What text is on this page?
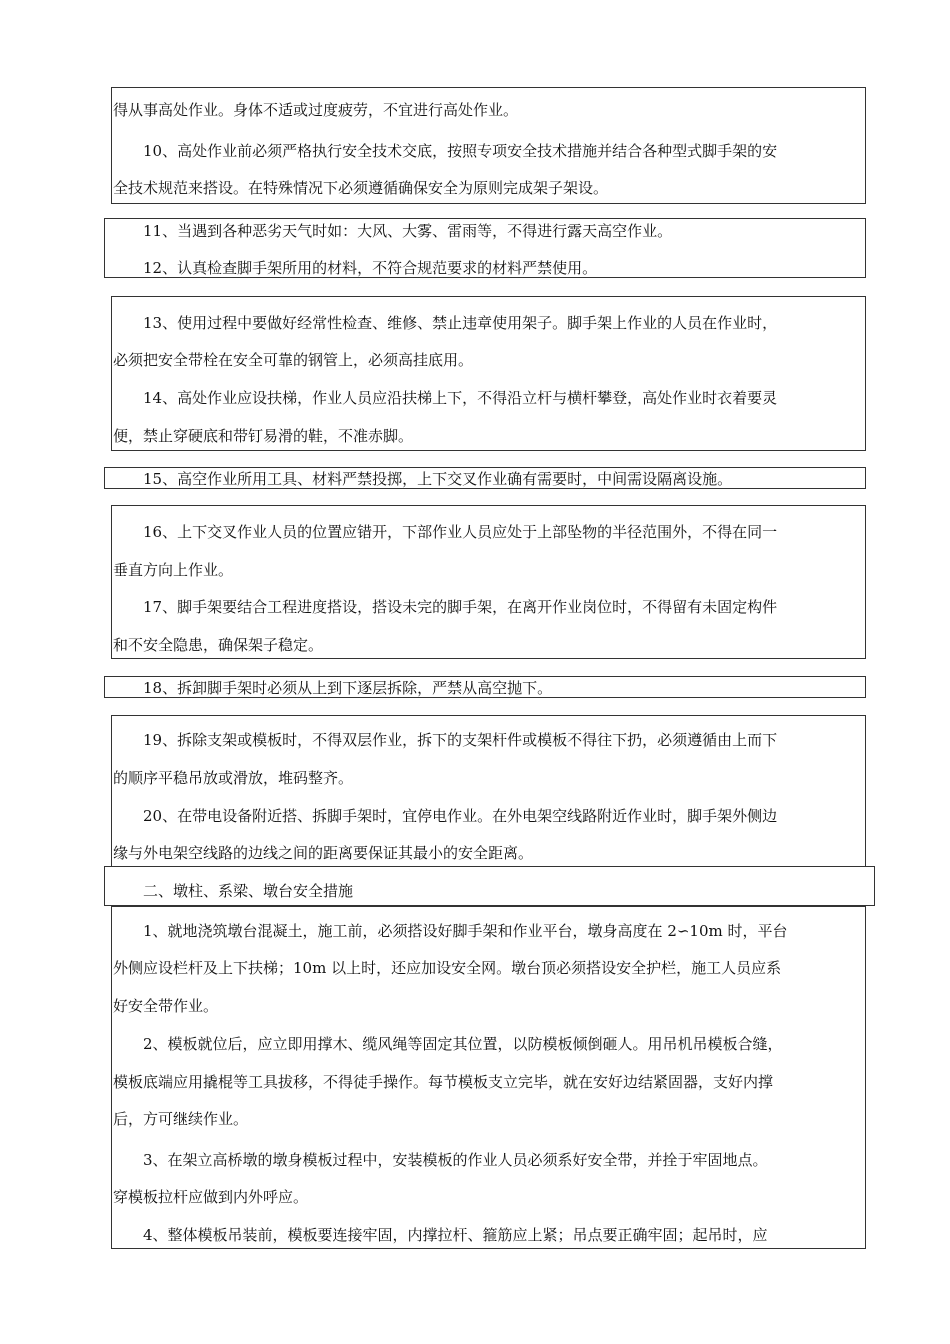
得从事高处作业。身体不适或过度疲劳，不宜进行高处作业。
10、高处作业前必须严格执行安全技术交底，按照专项安全技术措施并结合各种型式脚手架的安
全技术规范来搭设。在特殊情况下必须遵循确保安全为原则完成架子架设。
11、当遇到各种恶劣天气时如：大风、大雾、雷雨等，不得进行露天高空作业。
12、认真检查脚手架所用的材料，不符合规范要求的材料严禁使用。
13、使用过程中要做好经常性检查、维修、禁止违章使用架子。脚手架上作业的人员在作业时，
必须把安全带栓在安全可靠的钢管上，必须高挂底用。
14、高处作业应设扶梯，作业人员应沿扶梯上下，不得沿立杆与横杆攀登，高处作业时衣着要灵
便，禁止穿硬底和带钉易滑的鞋，不准赤脚。
15、高空作业所用工具、材料严禁投掷，上下交叉作业确有需要时，中间需设隔离设施。
16、上下交叉作业人员的位置应错开，下部作业人员应处于上部坠物的半径范围外，不得在同一
垂直方向上作业。
17、脚手架要结合工程进度搭设，搭设未完的脚手架，在离开作业岗位时，不得留有未固定构件
和不安全隐患，确保架子稳定。
18、拆卸脚手架时必须从上到下逐层拆除，严禁从高空抛下。
19、拆除支架或模板时，不得双层作业，拆下的支架杆件或模板不得往下扔，必须遵循由上而下
的顺序平稳吊放或滑放，堆码整齐。
20、在带电设备附近搭、拆脚手架时，宜停电作业。在外电架空线路附近作业时，脚手架外侧边
缘与外电架空线路的边线之间的距离要保证其最小的安全距离。
二、墩柱、系梁、墩台安全措施
1、就地浇筑墩台混凝土，施工前，必须搭设好脚手架和作业平台，墩身高度在 2∽10m 时，平台
外侧应设栏杆及上下扶梯；10m 以上时，还应加设安全网。墩台顶必须搭设安全护栏，施工人员应系
好安全带作业。
2、模板就位后，应立即用撑木、缆风绳等固定其位置，以防模板倾倒砸人。用吊机吊模板合缝，
模板底端应用撬棍等工具拔移，不得徒手操作。每节模板支立完毕，就在安好边结紧固器，支好内撑
后，方可继续作业。
3、在架立高桥墩的墩身模板过程中，安装模板的作业人员必须系好安全带，并拴于牢固地点。
穿模板拉杆应做到内外呼应。
4、整体模板吊装前，模板要连接牢固，内撑拉杆、箍筋应上紧；吊点要正确牢固；起吊时，应
